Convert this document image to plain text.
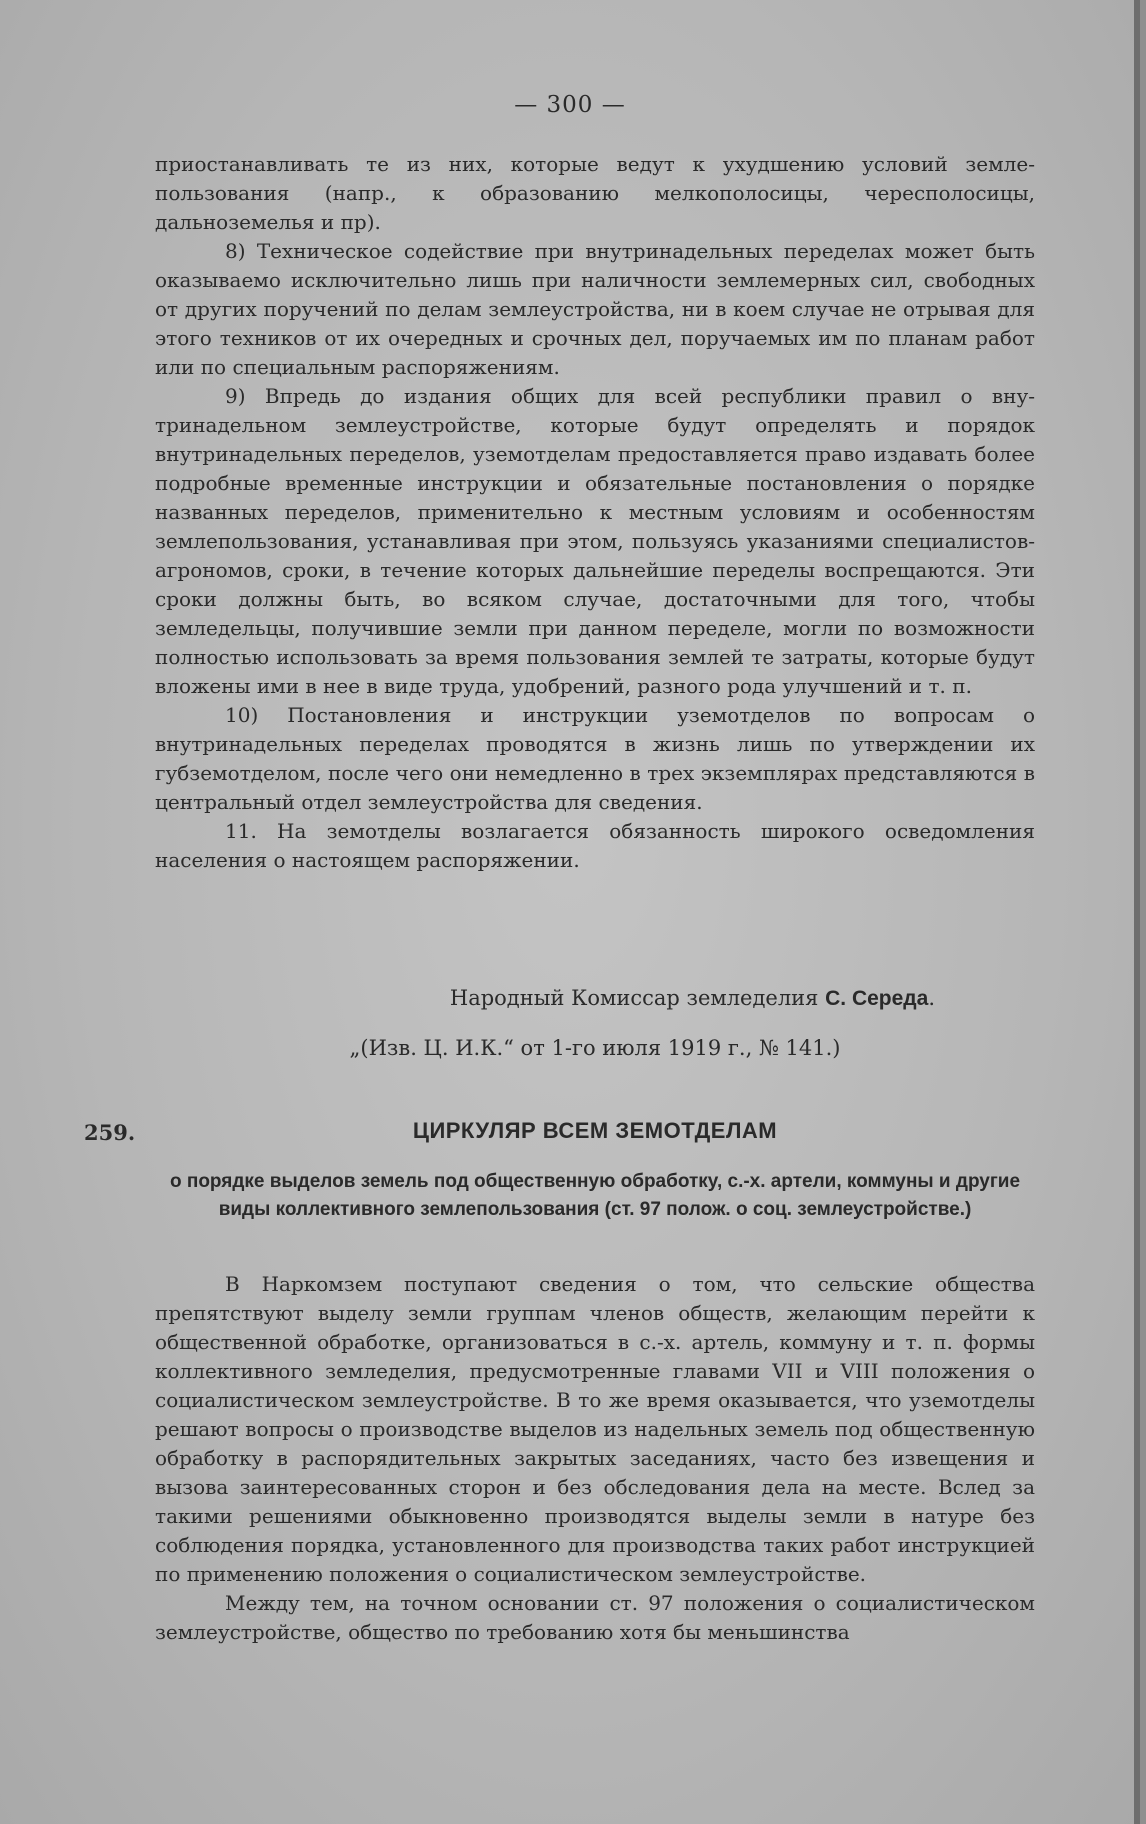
— 300 —

приостанавливать те из них, которые ведут к ухудшению условий землепользования (напр., к образованию мелкополосицы, чересполосицы, дальноземелья и пр).

8) Техническое содействие при внутринадельных переделах может быть оказываемо исключительно лишь при наличности землемерных сил, свободных от других поручений по делам землеустройства, ни в коем случае не отрывая для этого техников от их очередных и срочных дел, поручаемых им по планам работ или по специальным распоряжениям.

9) Впредь до издания общих для всей республики правил о внутринадельном землеустройстве, которые будут определять и порядок внутринадельных переделов, уземотделам предоставляется право издавать более подробные временные инструкции и обязательные постановления о порядке названных переделов, применительно к местным условиям и особенностям землепользования, устанавливая при этом, пользуясь указаниями специалистов-агрономов, сроки, в течение которых дальнейшие переделы воспрещаются. Эти сроки должны быть, во всяком случае, достаточными для того, чтобы земледельцы, получившие земли при данном переделе, могли по возможности полностью использовать за время пользования землей те затраты, которые будут вложены ими в нее в виде труда, удобрений, разного рода улучшений и т. п.

10) Постановления и инструкции уземотделов по вопросам о внутринадельных переделах проводятся в жизнь лишь по утверждении их губземотделом, после чего они немедленно в трех экземплярах представляются в центральный отдел землеустройства для сведения.

11. На земотделы возлагается обязанность широкого осведомления населения о настоящем распоряжении.

Народный Комиссар земледелия С. Середа.
„(Изв. Ц. И.К.“ от 1-го июля 1919 г., № 141.)
259.	ЦИРКУЛЯР ВСЕМ ЗЕМОТДЕЛАМ
о порядке выделов земель под общественную обработку, с.-х. артели, коммуны и другие виды коллективного землепользования (ст. 97 полож. о соц. землеустройстве.)

В Наркомзем поступают сведения о том, что сельские общества препятствуют выделу земли группам членов обществ, желающим перейти к общественной обработке, организоваться в с.-х. артель, коммуну и т. п. формы коллективного земледелия, предусмотренные главами VII и VIII положения о социалистическом землеустройстве. В то же время оказывается, что уземотделы решают вопросы о производстве выделов из надельных земель под общественную обработку в распорядительных закрытых заседаниях, часто без извещения и вызова заинтересованных сторон и без обследования дела на месте. Вслед за такими решениями обыкновенно производятся выделы земли в натуре без соблюдения порядка, установленного для производства таких работ инструкцией по применению положения о социалистическом землеустройстве.

Между тем, на точном основании ст. 97 положения о социалистическом землеустройстве, общество по требованию хотя бы меньшинства
